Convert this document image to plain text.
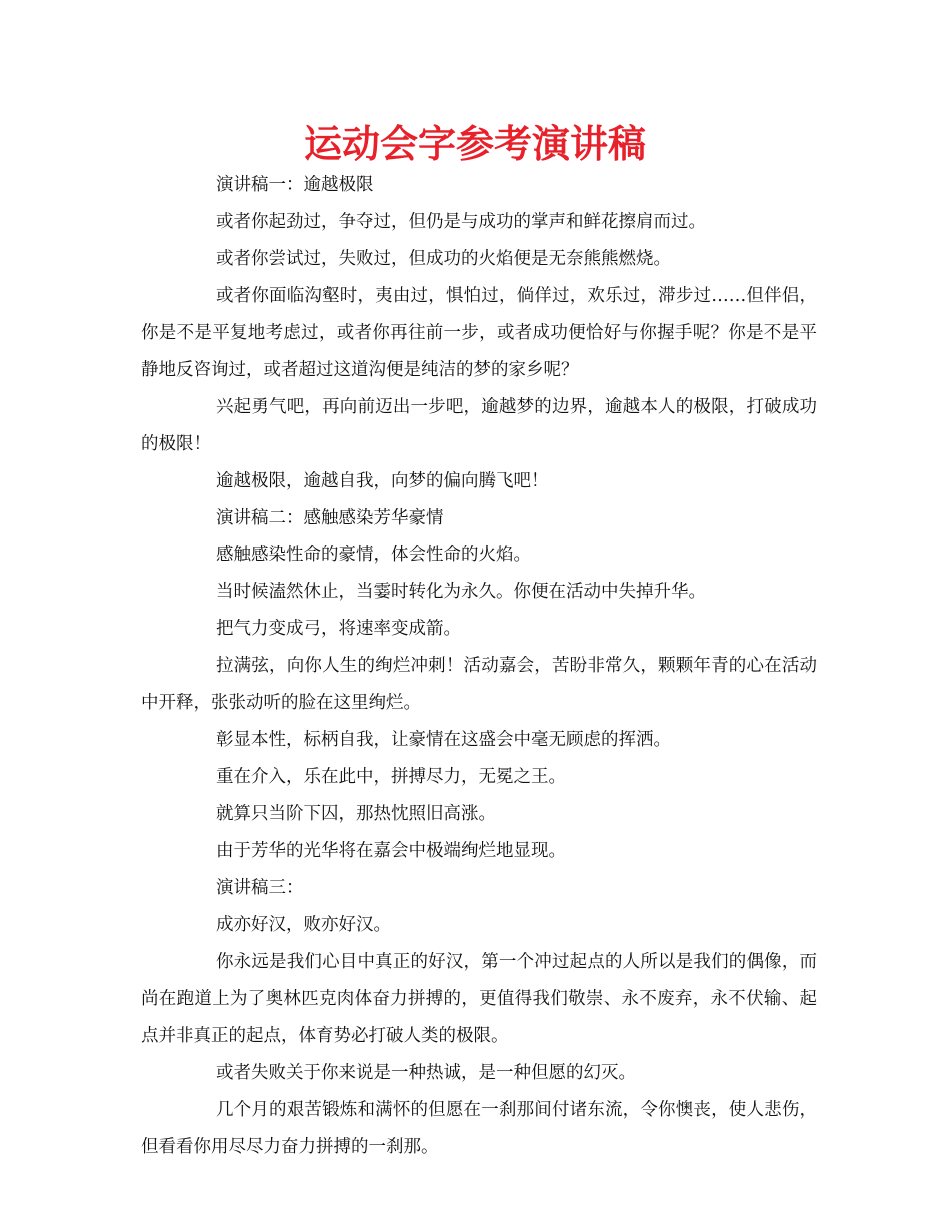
运动会字参考演讲稿

演讲稿一：逾越极限

或者你起劲过，争夺过，但仍是与成功的掌声和鲜花擦肩而过。

或者你尝试过，失败过，但成功的火焰便是无奈熊熊燃烧。

或者你面临沟壑时，夷由过，惧怕过，倘佯过，欢乐过，滞步过……但伴侣，你是不是平复地考虑过，或者你再往前一步，或者成功便恰好与你握手呢？你是不是平静地反咨询过，或者超过这道沟便是纯洁的梦的家乡呢？

兴起勇气吧，再向前迈出一步吧，逾越梦的边界，逾越本人的极限，打破成功的极限！

逾越极限，逾越自我，向梦的偏向腾飞吧！

演讲稿二：感触感染芳华豪情

感触感染性命的豪情，体会性命的火焰。

当时候溘然休止，当霎时转化为永久。你便在活动中失掉升华。

把气力变成弓，将速率变成箭。

拉满弦，向你人生的绚烂冲刺！活动嘉会，苦盼非常久，颗颗年青的心在活动中开释，张张动听的脸在这里绚烂。

彰显本性，标柄自我，让豪情在这盛会中毫无顾虑的挥洒。

重在介入，乐在此中，拼搏尽力，无冕之王。

就算只当阶下囚，那热忱照旧高涨。

由于芳华的光华将在嘉会中极端绚烂地显现。

演讲稿三：

成亦好汉，败亦好汉。

你永远是我们心目中真正的好汉，第一个冲过起点的人所以是我们的偶像，而尚在跑道上为了奥林匹克肉体奋力拼搏的，更值得我们敬崇、永不废弃，永不伏输、起点并非真正的起点，体育势必打破人类的极限。

或者失败关于你来说是一种热诚，是一种但愿的幻灭。

几个月的艰苦锻炼和满怀的但愿在一刹那间付诸东流，令你懊丧，使人悲伤，但看看你用尽尽力奋力拼搏的一刹那。
